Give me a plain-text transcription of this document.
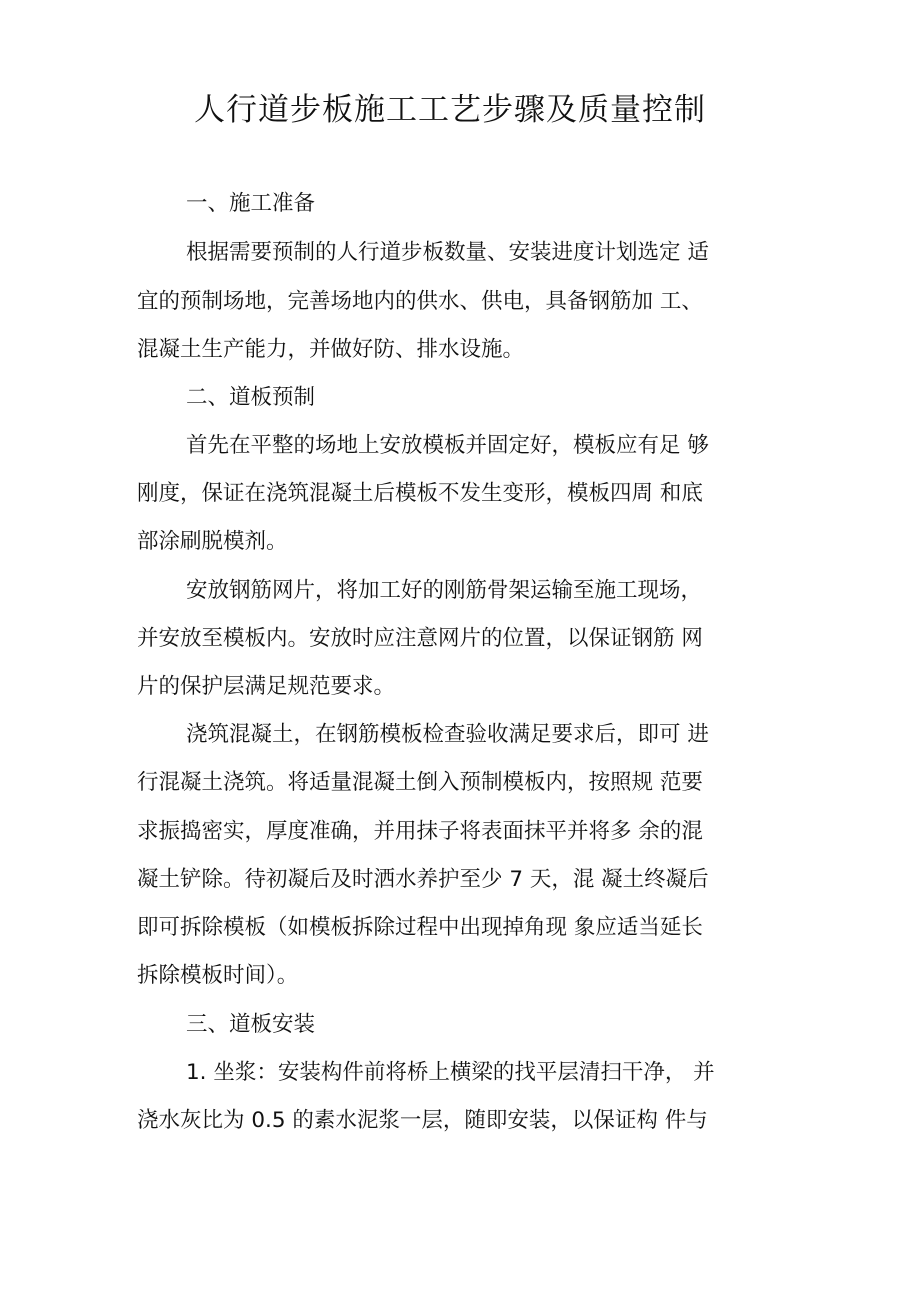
人行道步板施工工艺步骤及质量控制
一、施工准备
根据需要预制的人行道步板数量、安装进度计划选定 适
宜的预制场地，完善场地内的供水、供电，具备钢筋加 工、
混凝土生产能力，并做好防、排水设施。
二、道板预制
首先在平整的场地上安放模板并固定好，模板应有足 够
刚度，保证在浇筑混凝土后模板不发生变形，模板四周 和底
部涂刷脱模剂。
安放钢筋网片，将加工好的刚筋骨架运输至施工现场，
并安放至模板内。安放时应注意网片的位置，以保证钢筋 网
片的保护层满足规范要求。
浇筑混凝土，在钢筋模板检查验收满足要求后，即可 进
行混凝土浇筑。将适量混凝土倒入预制模板内，按照规 范要
求振捣密实，厚度准确，并用抹子将表面抹平并将多 余的混
凝土铲除。待初凝后及时洒水养护至少 7 天，混 凝土终凝后
即可拆除模板（如模板拆除过程中出现掉角现 象应适当延长
拆除模板时间）。
三、道板安装
1. 坐浆：安装构件前将桥上横梁的找平层清扫干净， 并
浇水灰比为 0.5 的素水泥浆一层，随即安装，以保证构 件与
